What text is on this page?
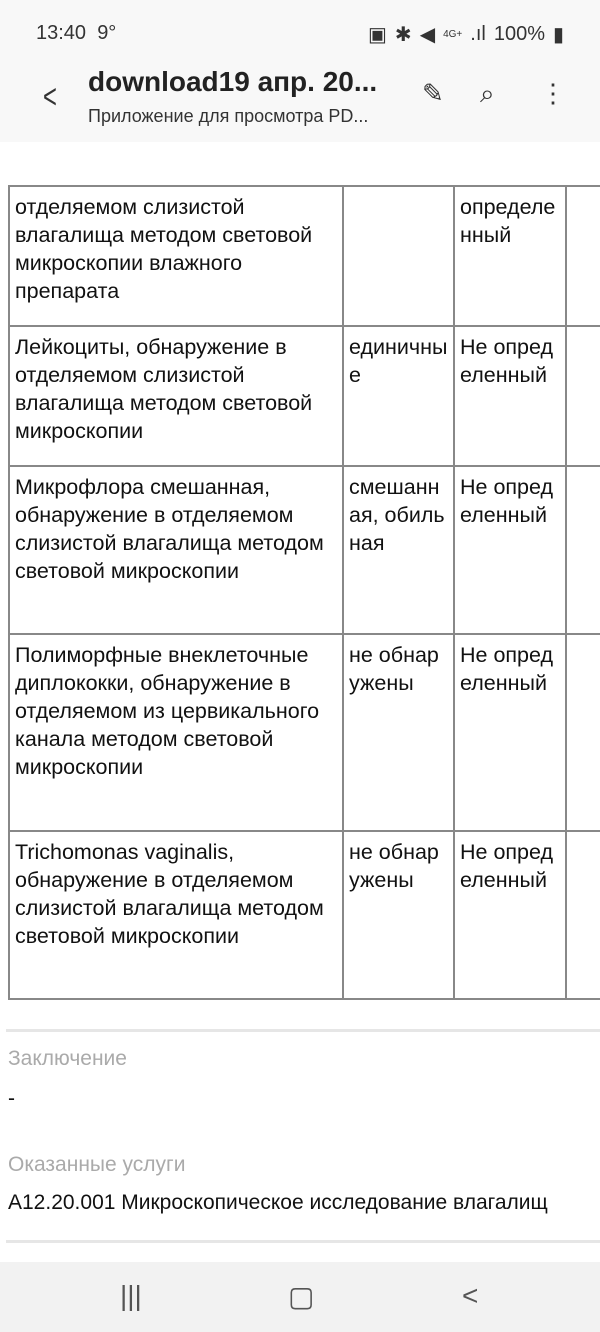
13:40 9°	▣ ✱ ◀ 4G+ .ıl 100% ▮
< download19 апр. 20...
Приложение для просмотра PD...
✎ ⌕ ⋮
отделяемом слизистой влагалища методом световой микроскопии влажного препарата		определенный	
Лейкоциты, обнаружение в отделяемом слизистой влагалища методом световой микроскопии	единичные	Не определенный	
Микрофлора смешанная, обнаружение в отделяемом слизистой влагалища методом световой микроскопии	смешанная, обильная	Не определенный	
Полиморфные внеклеточные диплококки, обнаружение в отделяемом из цервикального канала методом световой микроскопии	не обнаружены	Не определенный	
Trichomonas vaginalis, обнаружение в отделяемом слизистой влагалища методом световой микроскопии	не обнаружены	Не определенный	
Заключение
-
Оказанные услуги
A12.20.001 Микроскопическое исследование влагалищ
|||	▢	<
